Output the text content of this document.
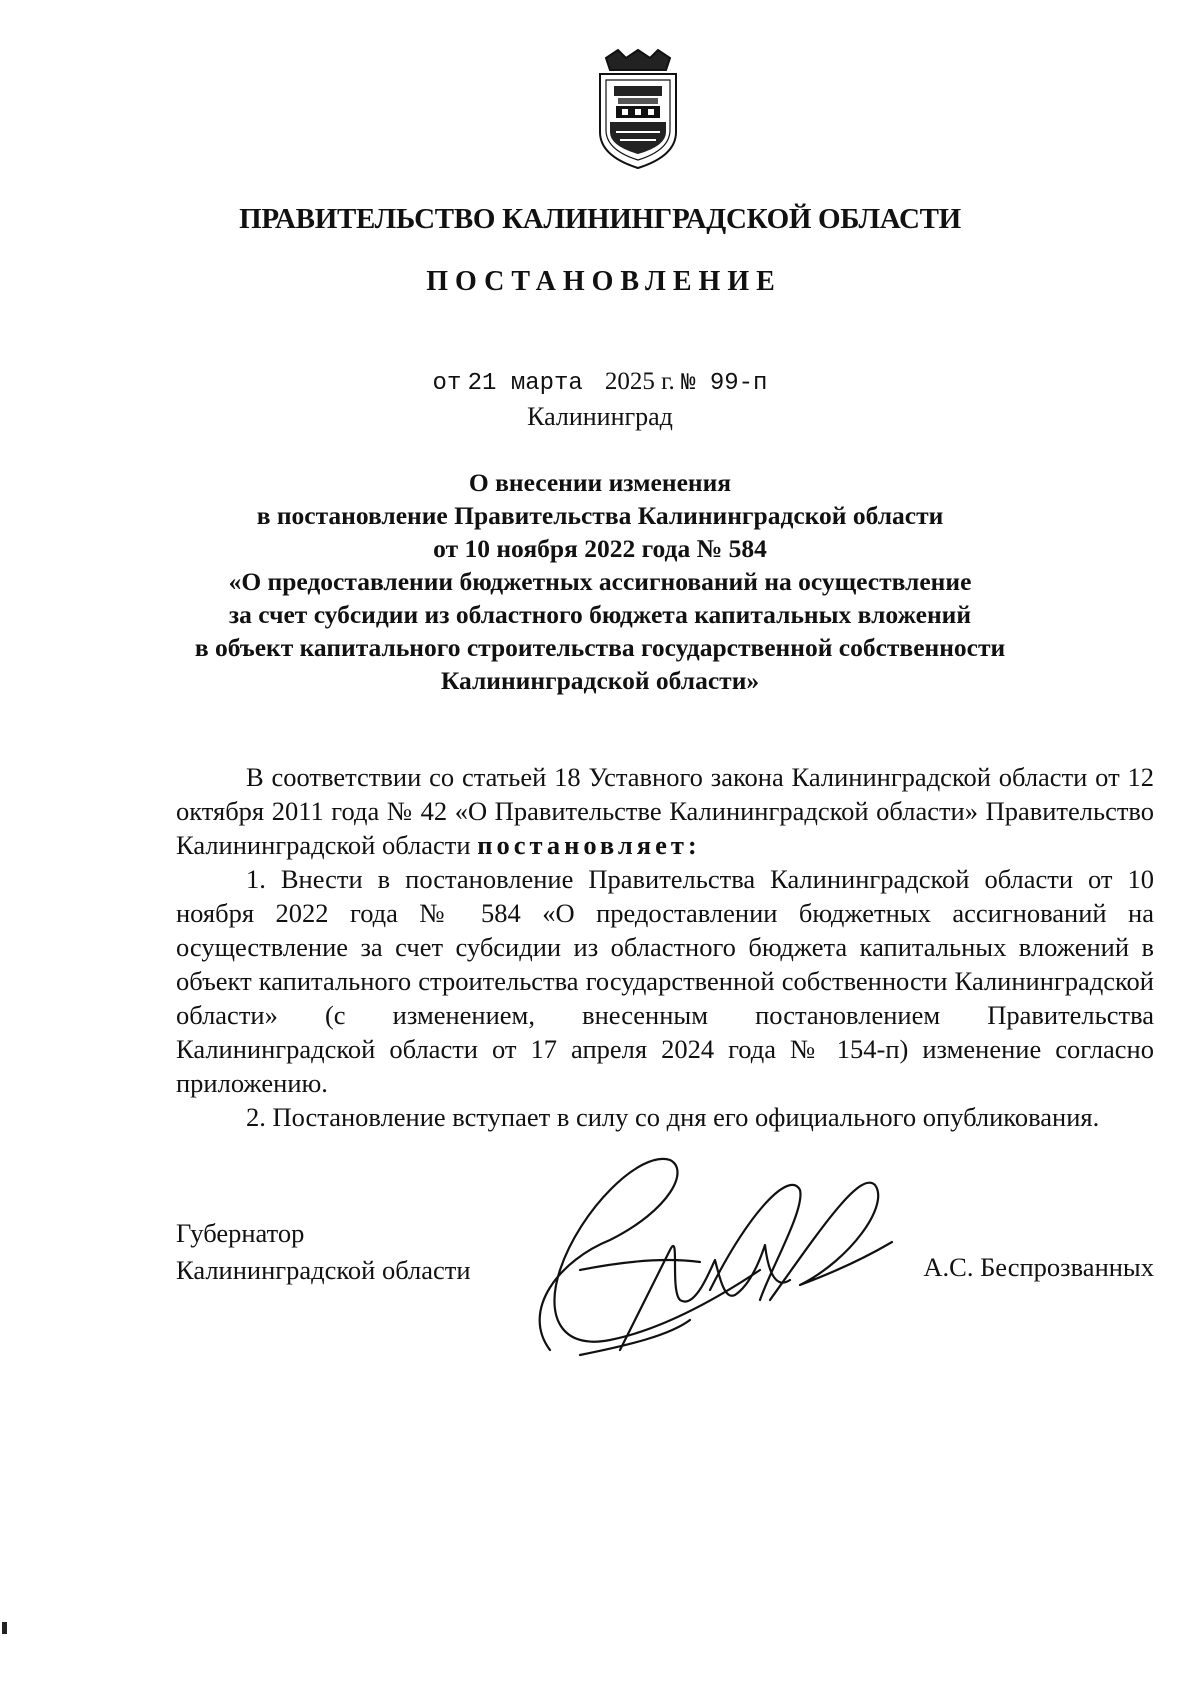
ПРАВИТЕЛЬСТВО КАЛИНИНГРАДСКОЙ ОБЛАСТИ
ПОСТАНОВЛЕНИЕ
от 21 марта 2025 г. № 99-п
Калининград
О внесении изменения
в постановление Правительства Калининградской области
от 10 ноября 2022 года № 584
«О предоставлении бюджетных ассигнований на осуществление
за счет субсидии из областного бюджета капитальных вложений
в объект капитального строительства государственной собственности
Калининградской области»
В соответствии со статьей 18 Уставного закона Калининградской области от 12 октября 2011 года № 42 «О Правительстве Калининградской области» Правительство Калининградской области постановляет:
1. Внести в постановление Правительства Калининградской области от 10 ноября 2022 года № 584 «О предоставлении бюджетных ассигнований на осуществление за счет субсидии из областного бюджета капитальных вложений в объект капитального строительства государственной собственности Калининградской области» (с изменением, внесенным постановлением Правительства Калининградской области от 17 апреля 2024 года № 154-п) изменение согласно приложению.
2. Постановление вступает в силу со дня его официального опубликования.
Губернатор
Калининградской области	А.С. Беспрозванных
